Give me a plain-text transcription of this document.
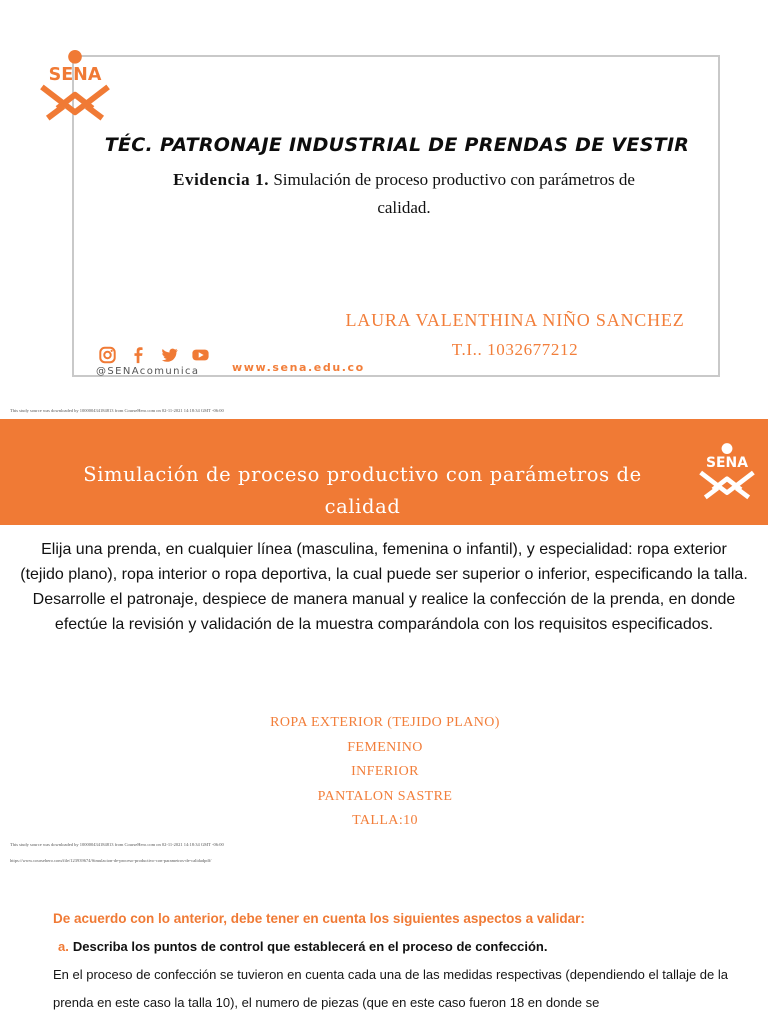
SENA
TÉC. PATRONAJE INDUSTRIAL DE PRENDAS DE VESTIR
Evidencia 1. Simulación de proceso productivo con parámetros de calidad.
LAURA VALENTHINA NIÑO SANCHEZ
T.I.. 1032677212
@SENAcomunica	www.sena.edu.co
This study source was downloaded by 100000434184813 from CourseHero.com on 02-11-2021 14:18:34 GMT -06:00
Simulación de proceso productivo con parámetros de calidad
SENA

Elija una prenda, en cualquier línea (masculina, femenina o infantil), y especialidad: ropa exterior (tejido plano), ropa interior o ropa deportiva, la cual puede ser superior o inferior, especificando la talla. Desarrolle el patronaje, despiece de manera manual y realice la confección de la prenda, en donde efectúe la revisión y validación de la muestra comparándola con los requisitos especificados.

ROPA EXTERIOR (TEJIDO PLANO)
FEMENINO
INFERIOR
PANTALON SASTRE
TALLA:10
This study source was downloaded by 100000434184813 from CourseHero.com on 02-11-2021 14:18:34 GMT -06:00
https://www.coursehero.com/file/123939674/Simulacion-de-proceso-productivo-con-parametros-de-calidadpdf/
De acuerdo con lo anterior, debe tener en cuenta los siguientes aspectos a validar:
a. Describa los puntos de control que establecerá en el proceso de confección.

En el proceso de confección se tuvieron en cuenta cada una de las medidas respectivas (dependiendo el tallaje de la prenda en este caso la talla 10), el numero de piezas (que en este caso fueron 18 en donde se
